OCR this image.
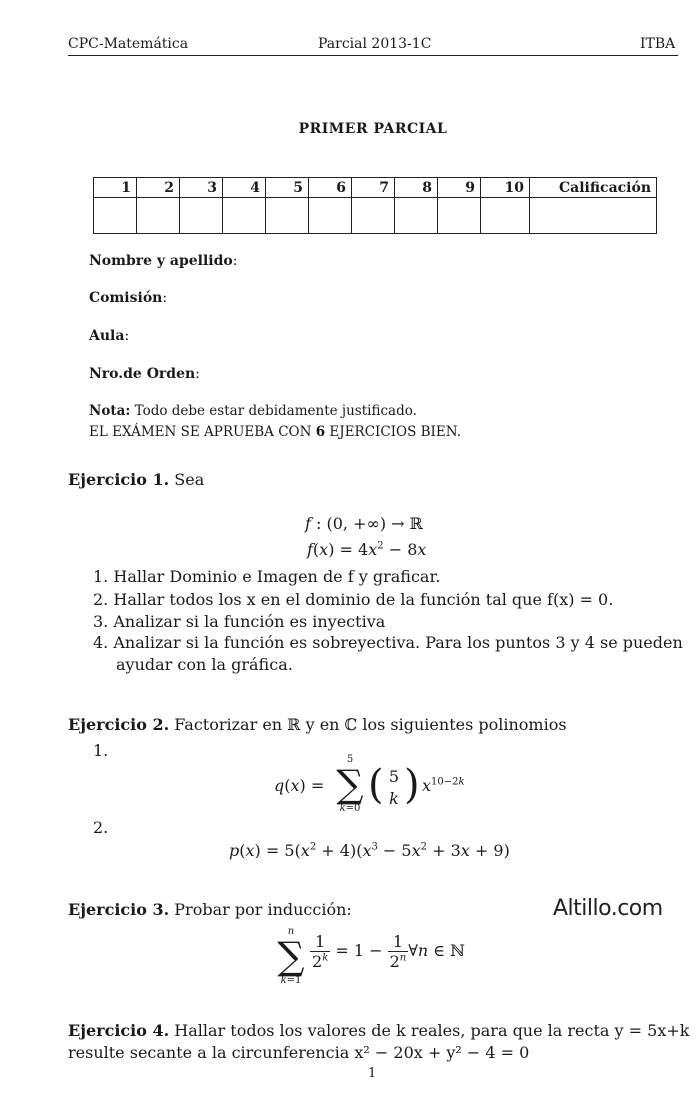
CPC-Matemática	Parcial 2013-1C	ITBA
PRIMER PARCIAL
1	2	3	4	5	6	7	8	9	10	Calificación

Nombre y apellido:
Comisión:
Aula:
Nro.de Orden:
Nota: Todo debe estar debidamente justificado.
EL EXÁMEN SE APRUEBA CON 6 EJERCICIOS BIEN.
Ejercicio 1. Sea
f : (0, +∞) → ℝ
$f(x) = 4x^2 - 8x$
1. Hallar Dominio e Imagen de f y graficar.
2. Hallar todos los x en el dominio de la función tal que f(x) = 0.
3. Analizar si la función es inyectiva
4. Analizar si la función es sobreyectiva. Para los puntos 3 y 4 se pueden
ayudar con la gráfica.
Ejercicio 2. Factorizar en ℝ y en ℂ los siguientes polinomios
1.
q(x) =
5
∑
k=0
( 5
k ) $x^{10-2k}$
2.
$p(x) = 5(x^2 + 4)(x^3 - 5x^2 + 3x + 9)$
Ejercicio 3. Probar por inducción:	Altillo.com
n
∑
k=1
$\frac{1}{2^k} = 1 - \frac{1}{2^n}$ ∀n ∈ ℕ
Ejercicio 4. Hallar todos los valores de k reales, para que la recta y = 5x+k
resulte secante a la circunferencia x² − 20x + y² − 4 = 0
1
